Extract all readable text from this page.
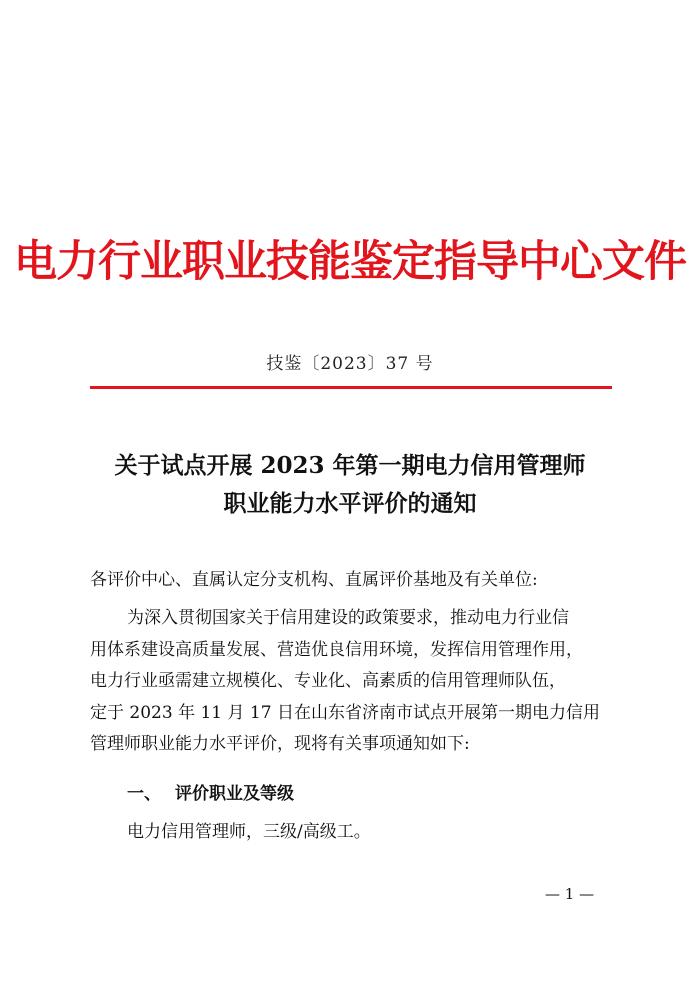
电力行业职业技能鉴定指导中心文件
技鉴〔2023〕37 号
关于试点开展 2023 年第一期电力信用管理师
职业能力水平评价的通知
各评价中心、直属认定分支机构、直属评价基地及有关单位:
为深入贯彻国家关于信用建设的政策要求，推动电力行业信
用体系建设高质量发展、营造优良信用环境，发挥信用管理作用，
电力行业亟需建立规模化、专业化、高素质的信用管理师队伍，
定于 2023 年 11 月 17 日在山东省济南市试点开展第一期电力信用
管理师职业能力水平评价，现将有关事项通知如下:
一、 评价职业及等级
电力信用管理师，三级/高级工。
— 1 —
